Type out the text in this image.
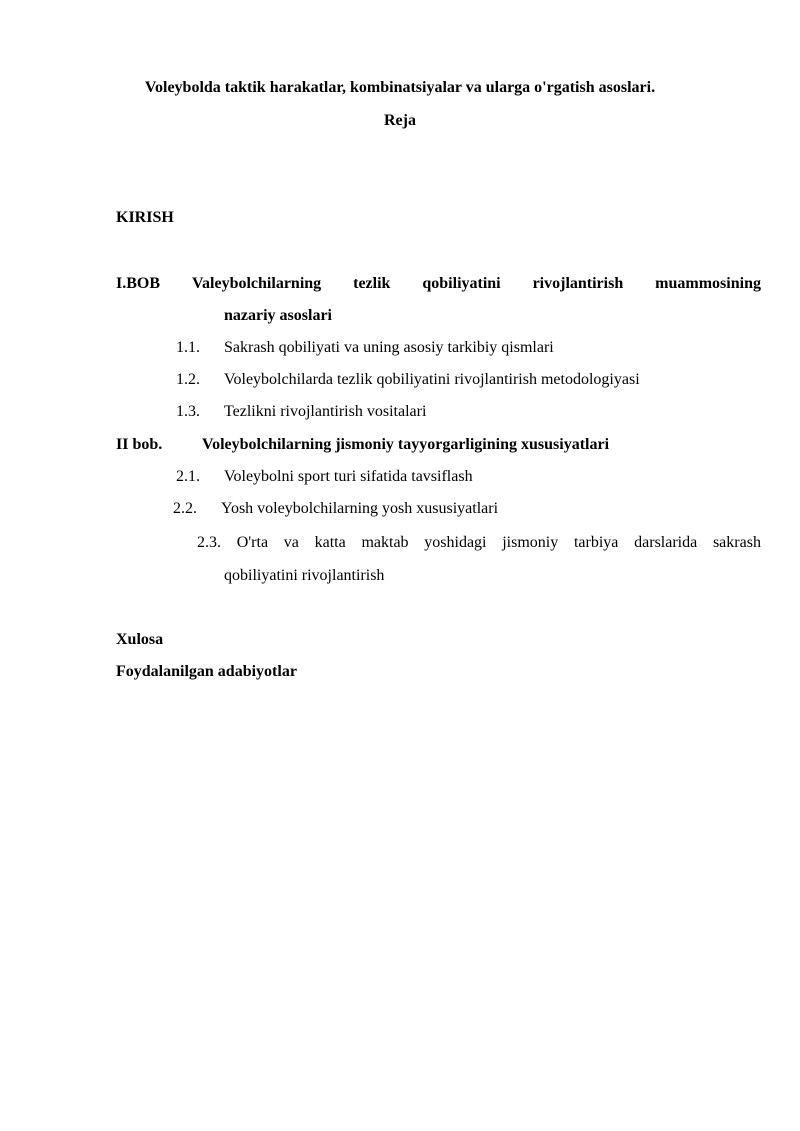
Voleybolda taktik harakatlar, kombinatsiyalar va ularga o'rgatish asoslari.
Reja
KIRISH
I.BOB Valeybolchilarning tezlik qobiliyatini rivojlantirish muammosining
nazariy asoslari
1.1. Sakrash qobiliyati va uning asosiy tarkibiy qismlari
1.2. Voleybolchilarda tezlik qobiliyatini rivojlantirish metodologiyasi
1.3. Tezlikni rivojlantirish vositalari
II bob. Voleybolchilarning jismoniy tayyorgarligining xususiyatlari
2.1. Voleybolni sport turi sifatida tavsiflash
2.2. Yosh voleybolchilarning yosh xususiyatlari
2.3. O'rta va katta maktab yoshidagi jismoniy tarbiya darslarida sakrash
qobiliyatini rivojlantirish
Xulosa
Foydalanilgan adabiyotlar
